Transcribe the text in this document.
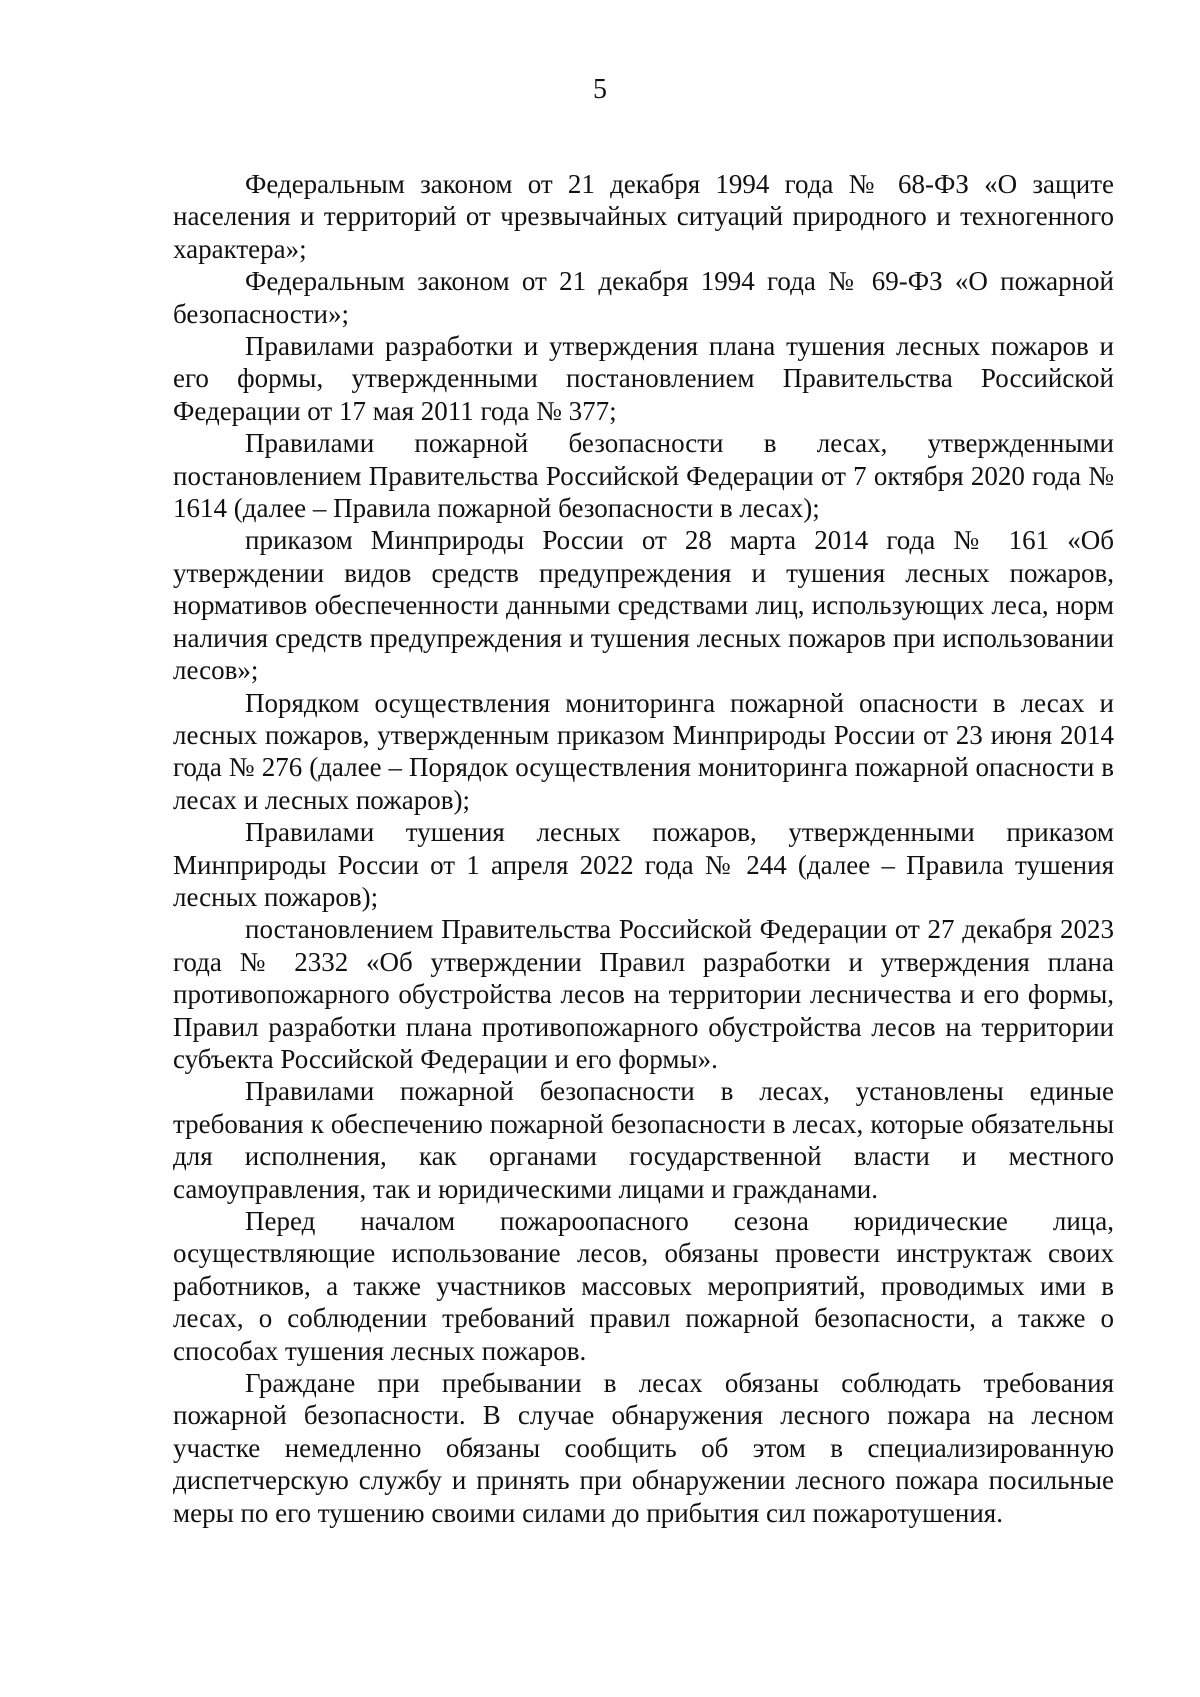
5

Федеральным законом от 21 декабря 1994 года № 68-ФЗ «О защите населения и территорий от чрезвычайных ситуаций природного и техногенного характера»;

Федеральным законом от 21 декабря 1994 года № 69-ФЗ «О пожарной безопасности»;

Правилами разработки и утверждения плана тушения лесных пожаров и его формы, утвержденными постановлением Правительства Российской Федерации от 17 мая 2011 года № 377;

Правилами пожарной безопасности в лесах, утвержденными постановлением Правительства Российской Федерации от 7 октября 2020 года № 1614 (далее – Правила пожарной безопасности в лесах);

приказом Минприроды России от 28 марта 2014 года № 161 «Об утверждении видов средств предупреждения и тушения лесных пожаров, нормативов обеспеченности данными средствами лиц, использующих леса, норм наличия средств предупреждения и тушения лесных пожаров при использовании лесов»;

Порядком осуществления мониторинга пожарной опасности в лесах и лесных пожаров, утвержденным приказом Минприроды России от 23 июня 2014 года № 276 (далее – Порядок осуществления мониторинга пожарной опасности в лесах и лесных пожаров);

Правилами тушения лесных пожаров, утвержденными приказом Минприроды России от 1 апреля 2022 года № 244 (далее – Правила тушения лесных пожаров);

постановлением Правительства Российской Федерации от 27 декабря 2023 года № 2332 «Об утверждении Правил разработки и утверждения плана противопожарного обустройства лесов на территории лесничества и его формы, Правил разработки плана противопожарного обустройства лесов на территории субъекта Российской Федерации и его формы».

Правилами пожарной безопасности в лесах, установлены единые требования к обеспечению пожарной безопасности в лесах, которые обязательны для исполнения, как органами государственной власти и местного самоуправления, так и юридическими лицами и гражданами.

Перед началом пожароопасного сезона юридические лица, осуществляющие использование лесов, обязаны провести инструктаж своих работников, а также участников массовых мероприятий, проводимых ими в лесах, о соблюдении требований правил пожарной безопасности, а также о способах тушения лесных пожаров.

Граждане при пребывании в лесах обязаны соблюдать требования пожарной безопасности. В случае обнаружения лесного пожара на лесном участке немедленно обязаны сообщить об этом в специализированную диспетчерскую службу и принять при обнаружении лесного пожара посильные меры по его тушению своими силами до прибытия сил пожаротушения.
